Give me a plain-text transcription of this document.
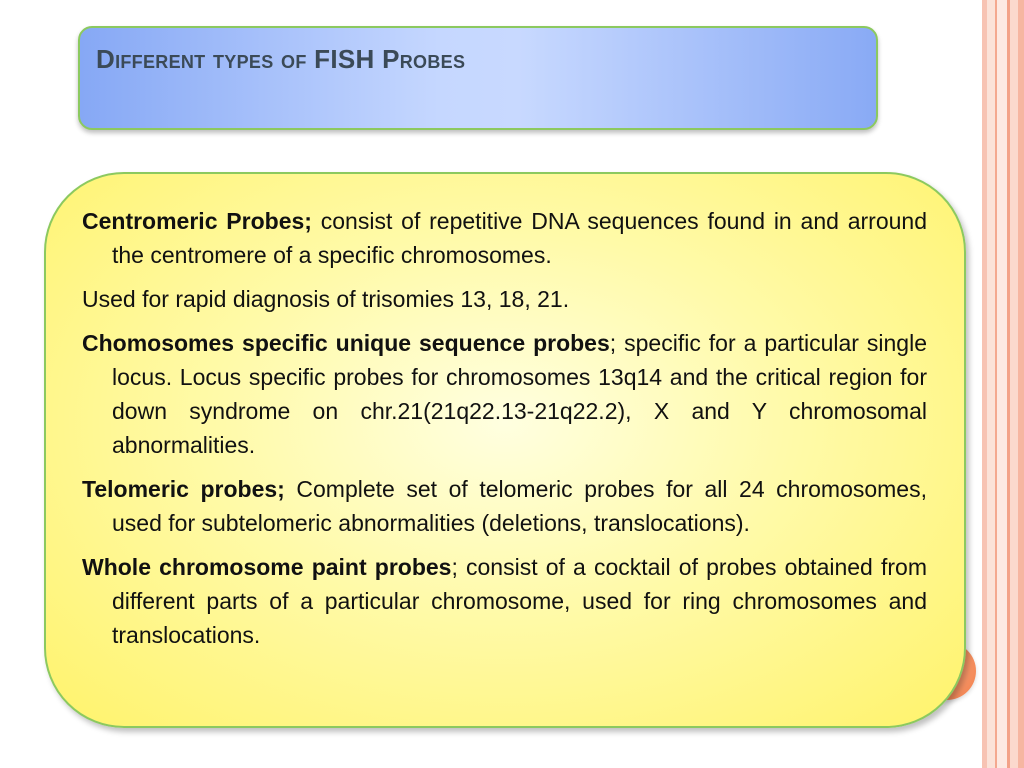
Different types of FISH Probes

Centromeric Probes; consist of repetitive DNA sequences found in and arround the centromere of a specific chromosomes.

Used for rapid diagnosis of trisomies 13, 18, 21.

Chomosomes specific unique sequence probes; specific for a particular single locus. Locus specific probes for chromosomes 13q14 and the critical region for down syndrome on chr.21(21q22.13-21q22.2), X and Y chromosomal abnormalities.

Telomeric probes; Complete set of telomeric probes for all 24 chromosomes, used for subtelomeric abnormalities (deletions, translocations).

Whole chromosome paint probes; consist of a cocktail of probes obtained from different parts of a particular chromosome, used for ring chromosomes and translocations.
